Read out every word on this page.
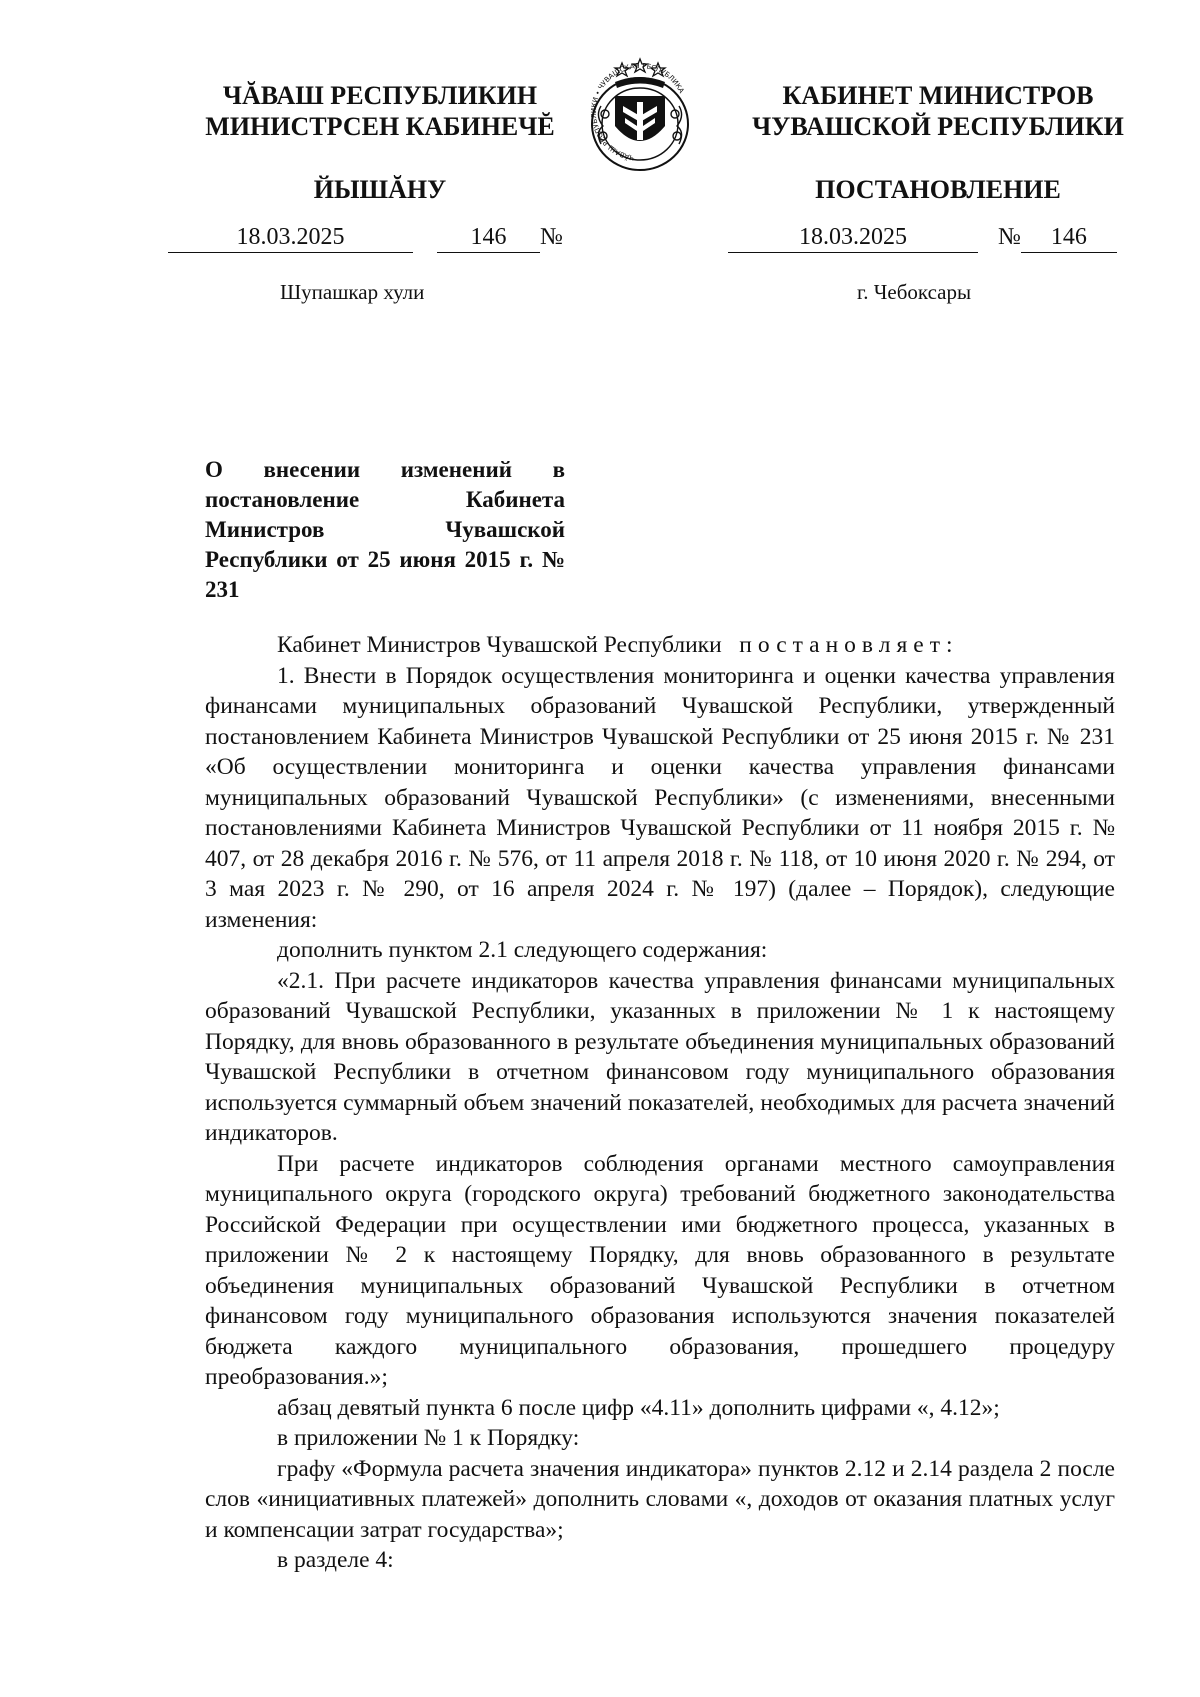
ЧĂВАШ РЕСПУБЛИКИН
МИНИСТРСЕН КАБИНЕЧĔ
ЙЫШĂНУ
ЧĂВАШ РЕСПУБЛИКИ • ЧУВАШСКАЯ РЕСПУБЛИКА	КАБИНЕТ МИНИСТРОВ
ЧУВАШСКОЙ РЕСПУБЛИКИ
ПОСТАНОВЛЕНИЕ
18.03.2025	146 №	18.03.2025	№ 146
Шупашкар хули	г. Чебоксары
О внесении изменений в постановление Кабинета Министров Чувашской Республики от 25 июня 2015 г. № 231

Кабинет Министров Чувашской Республики постановляет:

1. Внести в Порядок осуществления мониторинга и оценки качества управления финансами муниципальных образований Чувашской Республики, утвержденный постановлением Кабинета Министров Чувашской Республики от 25 июня 2015 г. № 231 «Об осуществлении мониторинга и оценки качества управления финансами муниципальных образований Чувашской Республики» (с изменениями, внесенными постановлениями Кабинета Министров Чувашской Республики от 11 ноября 2015 г. № 407, от 28 декабря 2016 г. № 576, от 11 апреля 2018 г. № 118, от 10 июня 2020 г. № 294, от 3 мая 2023 г. № 290, от 16 апреля 2024 г. № 197) (далее – Порядок), следующие изменения:

дополнить пунктом 2.1 следующего содержания:

«2.1. При расчете индикаторов качества управления финансами муниципальных образований Чувашской Республики, указанных в приложении № 1 к настоящему Порядку, для вновь образованного в результате объединения муниципальных образований Чувашской Республики в отчетном финансовом году муниципального образования используется суммарный объем значений показателей, необходимых для расчета значений индикаторов.

При расчете индикаторов соблюдения органами местного самоуправления муниципального округа (городского округа) требований бюджетного законодательства Российской Федерации при осуществлении ими бюджетного процесса, указанных в приложении № 2 к настоящему Порядку, для вновь образованного в результате объединения муниципальных образований Чувашской Республики в отчетном финансовом году муниципального образования используются значения показателей бюджета каждого муниципального образования, прошедшего процедуру преобразования.»;

абзац девятый пункта 6 после цифр «4.11» дополнить цифрами «, 4.12»;

в приложении № 1 к Порядку:

графу «Формула расчета значения индикатора» пунктов 2.12 и 2.14 раздела 2 после слов «инициативных платежей» дополнить словами «, доходов от оказания платных услуг и компенсации затрат государства»;

в разделе 4:
